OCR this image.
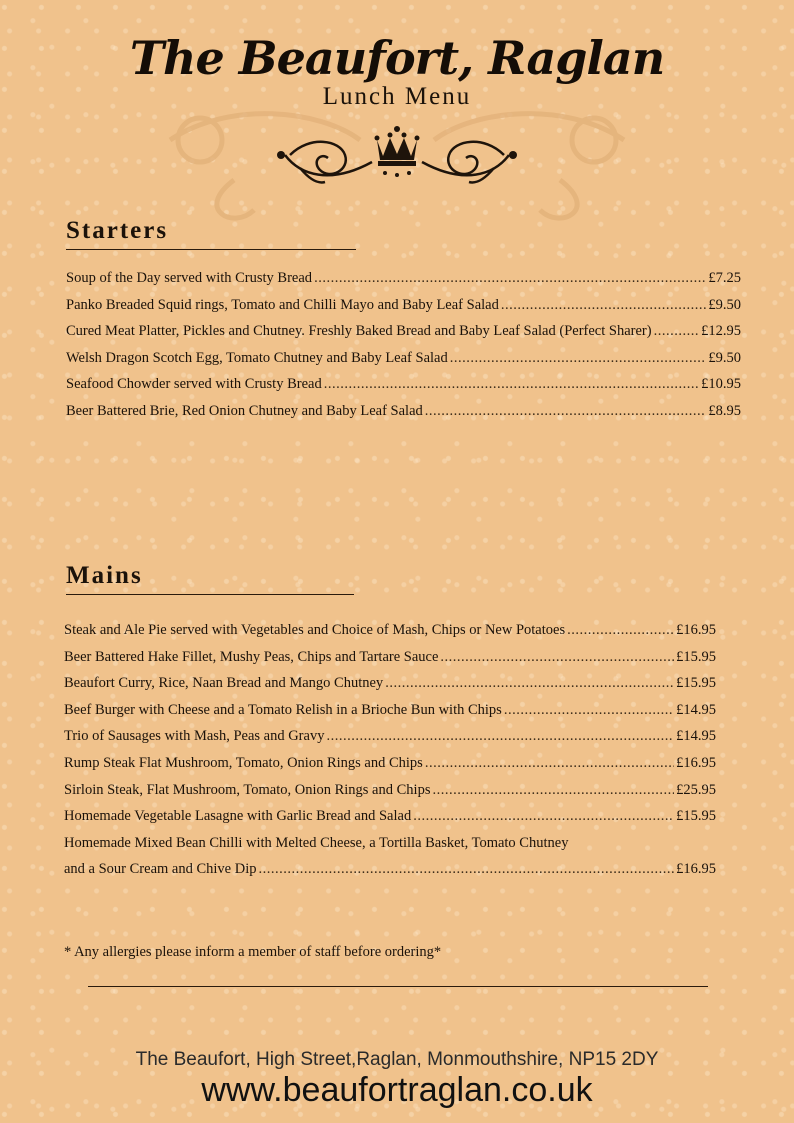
The Beaufort, Raglan
Lunch Menu
Starters
Soup of the Day served with Crusty Bread .....	£7.25
Panko Breaded Squid rings, Tomato and Chilli Mayo and Baby Leaf Salad .....	£9.50
Cured Meat Platter, Pickles and Chutney. Freshly Baked Bread and Baby Leaf Salad (Perfect Sharer) .....	£12.95
Welsh Dragon Scotch Egg, Tomato Chutney and Baby Leaf Salad .....	£9.50
Seafood Chowder served with Crusty Bread .....	£10.95
Beer Battered Brie, Red Onion Chutney and Baby Leaf Salad .....	£8.95
Mains
Steak and Ale Pie served with Vegetables and Choice of Mash, Chips or New Potatoes .....	£16.95
Beer Battered Hake Fillet, Mushy Peas, Chips and Tartare Sauce .....	£15.95
Beaufort Curry, Rice, Naan Bread and Mango Chutney .....	£15.95
Beef Burger with Cheese and a Tomato Relish in a Brioche Bun with Chips .....	£14.95
Trio of Sausages with Mash, Peas and Gravy .....	£14.95
Rump Steak Flat Mushroom, Tomato, Onion Rings and Chips .....	£16.95
Sirloin Steak, Flat Mushroom, Tomato, Onion Rings and Chips .....	£25.95
Homemade Vegetable Lasagne with Garlic Bread and Salad .....	£15.95
Homemade Mixed Bean Chilli with Melted Cheese, a Tortilla Basket, Tomato Chutney
and a Sour Cream and Chive Dip .....	£16.95
* Any allergies please inform a member of staff before ordering*
The Beaufort, High Street,Raglan, Monmouthshire, NP15 2DY
www.beaufortraglan.co.uk
